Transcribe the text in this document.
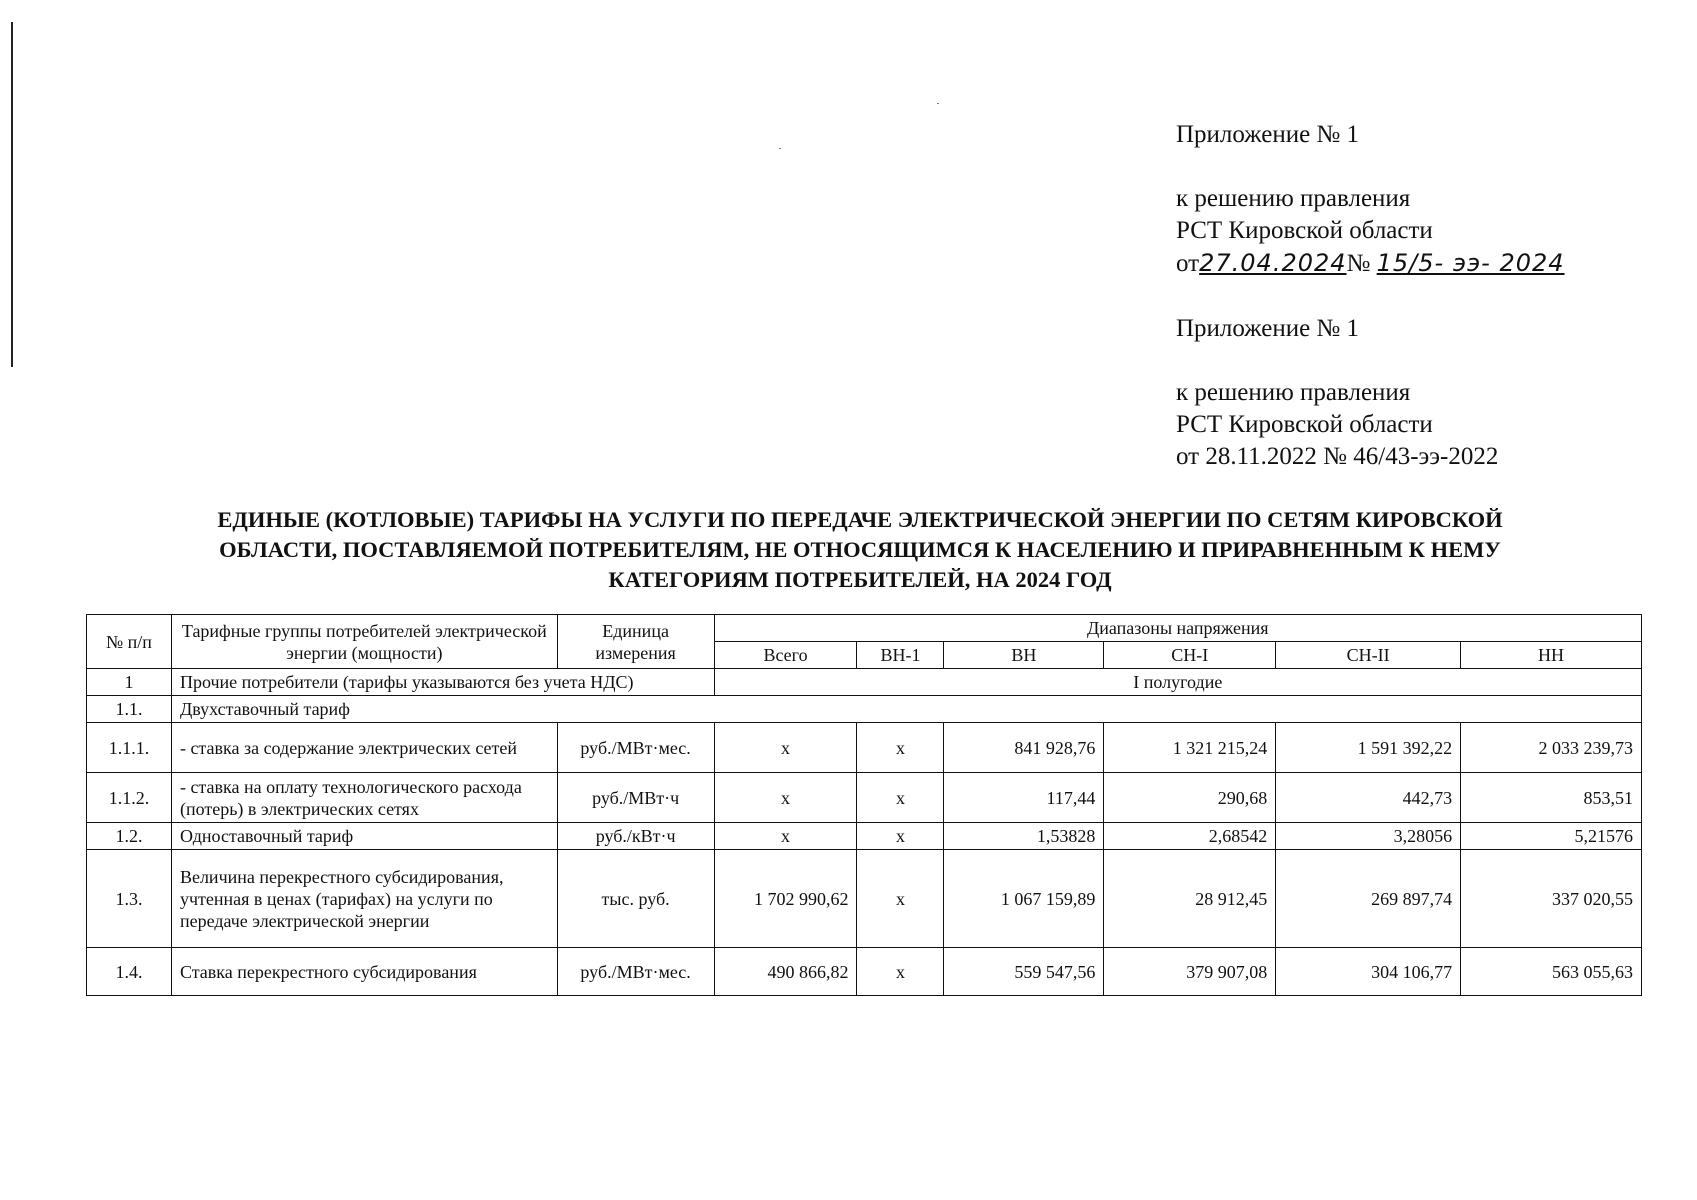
Приложение № 1

к решению правления

РСТ Кировской области

от27.04.2024№ 15/5- ээ- 2024

Приложение № 1

к решению правления

РСТ Кировской области

от 28.11.2022 № 46/43-ээ-2022

ЕДИНЫЕ (КОТЛОВЫЕ) ТАРИФЫ НА УСЛУГИ ПО ПЕРЕДАЧЕ ЭЛЕКТРИЧЕСКОЙ ЭНЕРГИИ ПО СЕТЯМ КИРОВСКОЙ
ОБЛАСТИ, ПОСТАВЛЯЕМОЙ ПОТРЕБИТЕЛЯМ, НЕ ОТНОСЯЩИМСЯ К НАСЕЛЕНИЮ И ПРИРАВНЕННЫМ К НЕМУ
КАТЕГОРИЯМ ПОТРЕБИТЕЛЕЙ, НА 2024 ГОД
№ п/п	Тарифные группы потребителей электрической энергии (мощности)	Единица измерения	Диапазоны напряжения					
			Всего	ВН-1	ВН	СН-I	СН-II	НН
1	Прочие потребители (тарифы указываются без учета НДС)		I полугодие					
1.1.	Двухставочный тариф							
1.1.1.	- ставка за содержание электрических сетей	руб./МВт·мес.	х	х	841 928,76	1 321 215,24	1 591 392,22	2 033 239,73
1.1.2.	- ставка на оплату технологического расхода (потерь) в электрических сетях	руб./МВт·ч	х	х	117,44	290,68	442,73	853,51
1.2.	Одноставочный тариф	руб./кВт·ч	х	х	1,53828	2,68542	3,28056	5,21576
1.3.	Величина перекрестного субсидирования, учтенная в ценах (тарифах) на услуги по передаче электрической энергии	тыс. руб.	1 702 990,62	х	1 067 159,89	28 912,45	269 897,74	337 020,55
1.4.	Ставка перекрестного субсидирования	руб./МВт·мес.	490 866,82	х	559 547,56	379 907,08	304 106,77	563 055,63
